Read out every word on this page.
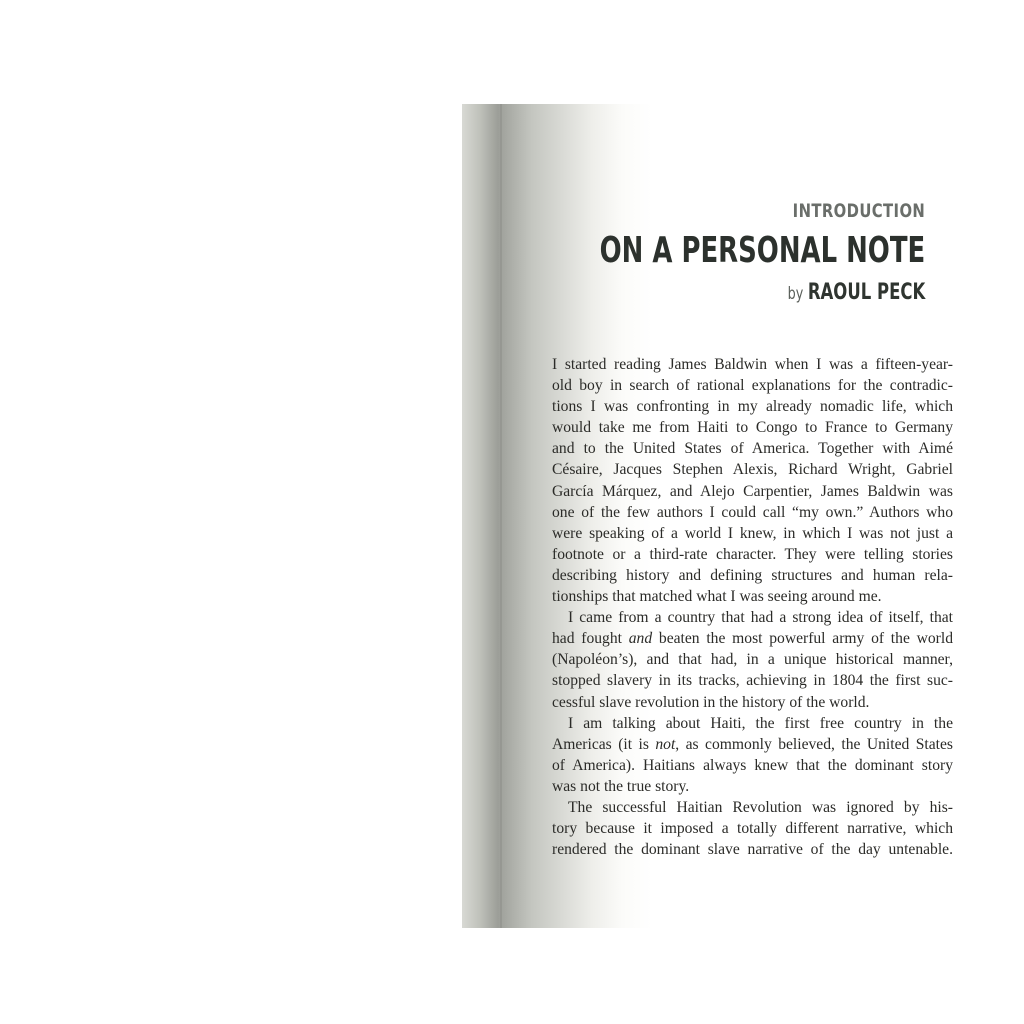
INTRODUCTION
ON A PERSONAL NOTE
by RAOUL PECK
I started reading James Baldwin when I was a fifteen-year-
old boy in search of rational explanations for the contradic-
tions I was confronting in my already nomadic life, which
would take me from Haiti to Congo to France to Germany
and to the United States of America. Together with Aimé
Césaire, Jacques Stephen Alexis, Richard Wright, Gabriel
García Márquez, and Alejo Carpentier, James Baldwin was
one of the few authors I could call “my own.” Authors who
were speaking of a world I knew, in which I was not just a
footnote or a third-rate character. They were telling stories
describing history and defining structures and human rela-
tionships that matched what I was seeing around me.
I came from a country that had a strong idea of itself, that
had fought and beaten the most powerful army of the world
(Napoléon’s), and that had, in a unique historical manner,
stopped slavery in its tracks, achieving in 1804 the first suc-
cessful slave revolution in the history of the world.
I am talking about Haiti, the first free country in the
Americas (it is not, as commonly believed, the United States
of America). Haitians always knew that the dominant story
was not the true story.
The successful Haitian Revolution was ignored by his-
tory because it imposed a totally different narrative, which
rendered the dominant slave narrative of the day untenable.
